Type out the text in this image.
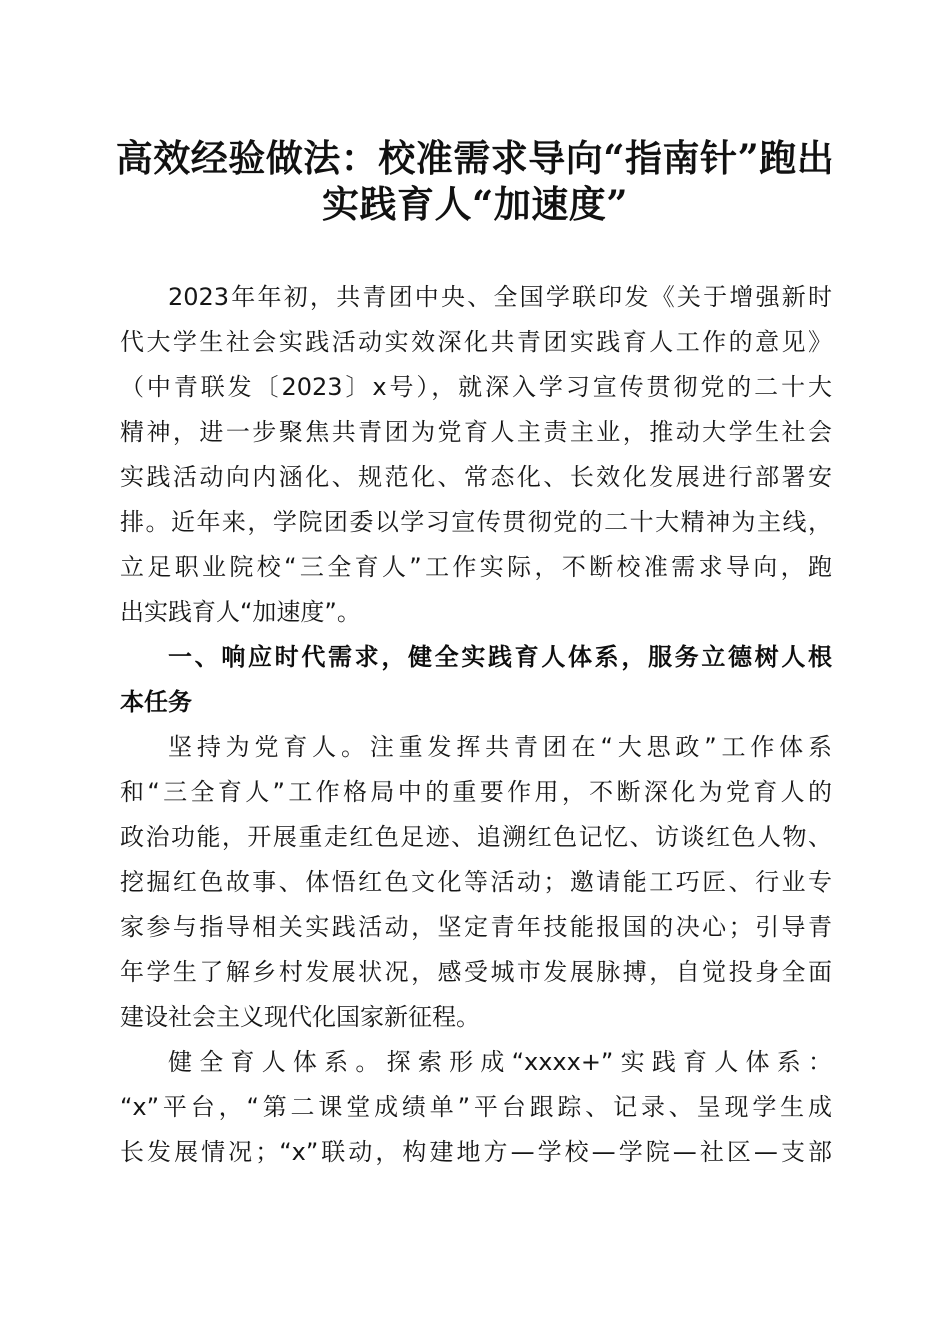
高效经验做法：校准需求导向“指南针”跑出
实践育人“加速度”
2023年年初，共青团中央、全国学联印发《关于增强新时
代大学生社会实践活动实效深化共青团实践育人工作的意见》
（中青联发〔2023〕x号），就深入学习宣传贯彻党的二十大
精神，进一步聚焦共青团为党育人主责主业，推动大学生社会
实践活动向内涵化、规范化、常态化、长效化发展进行部署安
排。近年来，学院团委以学习宣传贯彻党的二十大精神为主线，
立足职业院校“三全育人”工作实际，不断校准需求导向，跑
出实践育人“加速度”。
一、响应时代需求，健全实践育人体系，服务立德树人根
本任务
坚持为党育人。注重发挥共青团在“大思政”工作体系
和“三全育人”工作格局中的重要作用，不断深化为党育人的
政治功能，开展重走红色足迹、追溯红色记忆、访谈红色人物、
挖掘红色故事、体悟红色文化等活动；邀请能工巧匠、行业专
家参与指导相关实践活动，坚定青年技能报国的决心；引导青
年学生了解乡村发展状况，感受城市发展脉搏，自觉投身全面
建设社会主义现代化国家新征程。
健全育人体系。探索形成“xxxx+”实践育人体系：
“x”平台，“第二课堂成绩单”平台跟踪、记录、呈现学生成
长发展情况；“x”联动，构建地方—学校—学院—社区—支部
